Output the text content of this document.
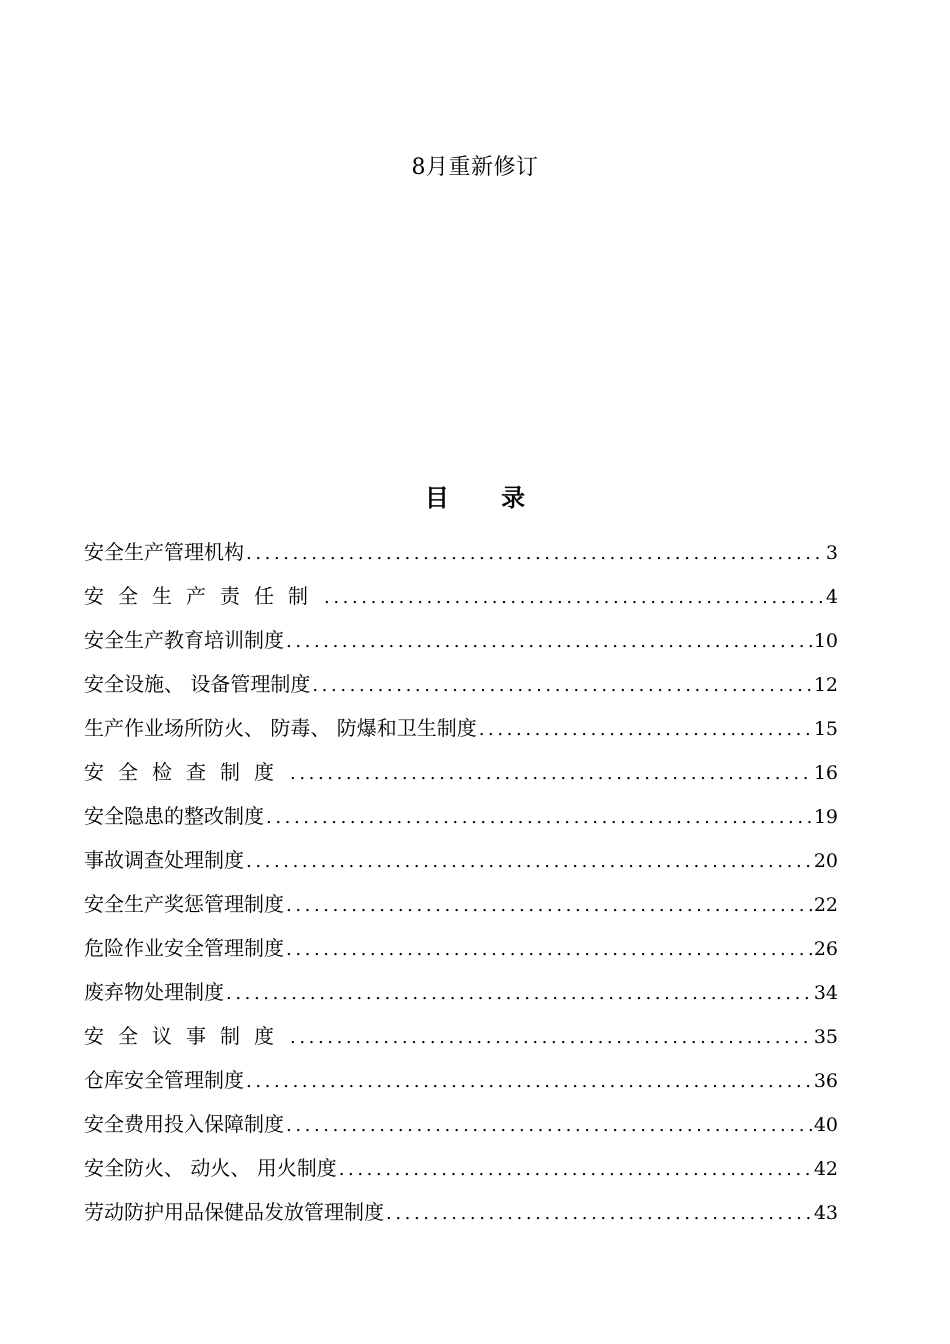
8月重新修订
目 录
安全生产管理机构 .....	3
安全生产责任制 .....	4
安全生产教育培训制度 .....	10
安全设施、 设备管理制度 .....	12
生产作业场所防火、 防毒、 防爆和卫生制度 .....	15
安全检查制度 .....	16
安全隐患的整改制度 .....	19
事故调查处理制度 .....	20
安全生产奖惩管理制度 .....	22
危险作业安全管理制度 .....	26
废弃物处理制度 .....	34
安全议事制度 .....	35
仓库安全管理制度 .....	36
安全费用投入保障制度 .....	40
安全防火、 动火、 用火制度 .....	42
劳动防护用品保健品发放管理制度 .....	43
